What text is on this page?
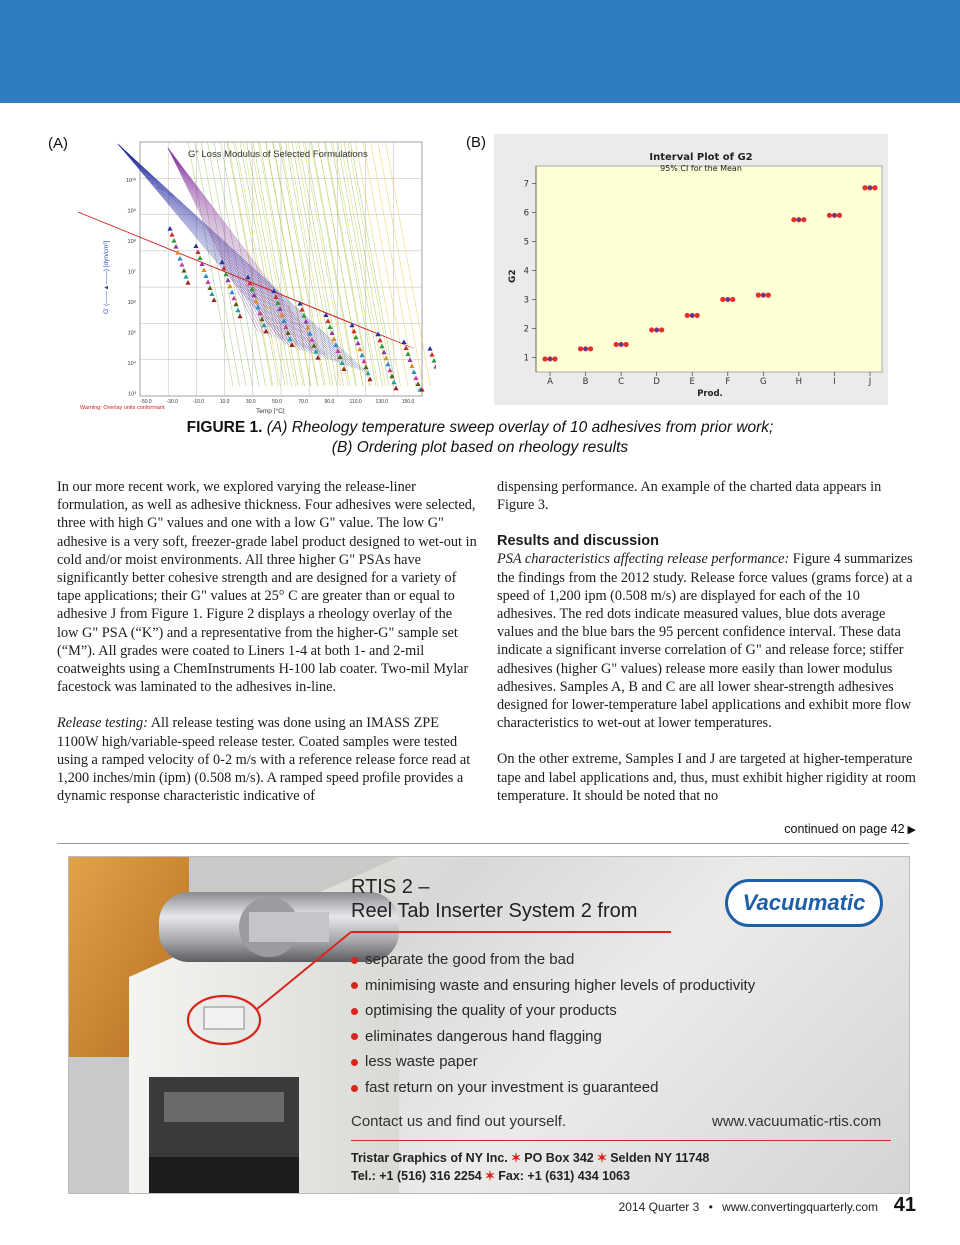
(A)	(B)
10¹⁰
10⁹
10⁸
10⁷
10⁶
10⁵
10⁴
10³
-50.0	-30.0	-10.0	10.0	30.0	50.0	70.0	90.0	110.0	130.0	150.0
G" Loss Modulus of Selected Formulations
G' (——▲——) [dyn/cm²]
Temp [°C]
Warning: Overlay units conformant
Interval Plot of G2
95% CI for the Mean
G2
Prod.
1
2
3
4
5
6
7
A	B	C	D	E	F	G	H	I	J
FIGURE 1. (A) Rheology temperature sweep overlay of 10 adhesives from prior work;
(B) Ordering plot based on rheology results

In our more recent work, we explored varying the release-liner formulation, as well as adhesive thickness. Four adhesives were selected, three with high G" values and one with a low G" value. The low G" adhesive is a very soft, freezer-grade label product designed to wet-out in cold and/or moist environments. All three higher G" PSAs have significantly better cohesive strength and are designed for a variety of tape applications; their G" values at 25° C are greater than or equal to adhesive J from Figure 1. Figure 2 displays a rheology overlay of the low G" PSA (“K”) and a representative from the higher-G" sample set (“M”). All grades were coated to Liners 1-4 at both 1- and 2-mil coatweights using a ChemInstruments H-100 lab coater. Two-mil Mylar facestock was laminated to the adhesives in-line.

Release testing: All release testing was done using an IMASS ZPE 1100W high/variable-speed release tester. Coated samples were tested using a ramped velocity of 0-2 m/s with a reference release force read at 1,200 inches/min (ipm) (0.508 m/s). A ramped speed profile provides a dynamic response characteristic indicative of

dispensing performance. An example of the charted data appears in Figure 3.

Results and discussion

PSA characteristics affecting release performance: Figure 4 summarizes the findings from the 2012 study. Release force values (grams force) at a speed of 1,200 ipm (0.508 m/s) are displayed for each of the 10 adhesives. The red dots indicate measured values, blue dots average values and the blue bars the 95 percent confidence interval. These data indicate a significant inverse correlation of G" and release force; stiffer adhesives (higher G" values) release more easily than lower modulus adhesives. Samples A, B and C are all lower shear-strength adhesives designed for lower-temperature label applications and exhibit more flow characteristics to wet-out at lower temperatures.

On the other extreme, Samples I and J are targeted at higher-temperature tape and label applications and, thus, must exhibit higher rigidity at room temperature. It should be noted that no

continued on page 42 ▶
RTIS 2 –
Reel Tab Inserter System 2 from	Vacuumatic
separate the good from the bad
minimising waste and ensuring higher levels of productivity
optimising the quality of your products
eliminates dangerous hand flagging
less waste paper
fast return on your investment is guaranteed
Contact us and find out yourself.	www.vacuumatic-rtis.com
Tristar Graphics of NY Inc. ✶ PO Box 342 ✶ Selden NY 11748
Tel.: +1 (516) 316 2254 ✶ Fax: +1 (631) 434 1063
2014 Quarter 3 • www.convertingquarterly.com 41
